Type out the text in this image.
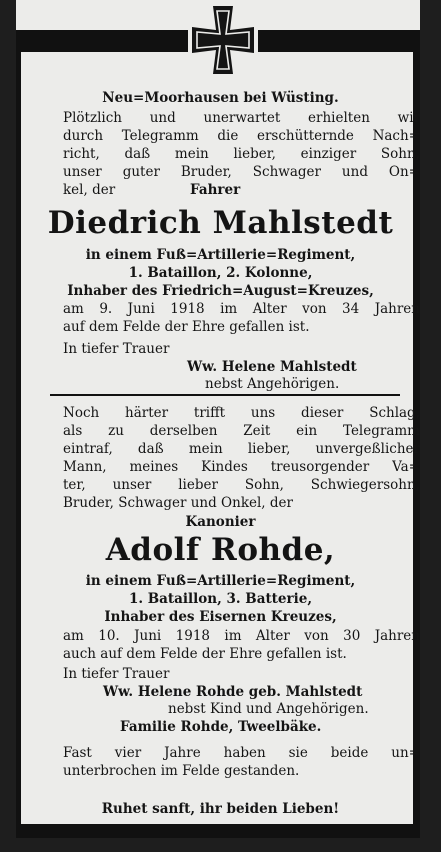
Neu=Moorhausen bei Wüsting.
Plötzlich und unerwartet erhielten wir
durch Telegramm die erschütternde Nach=
richt, daß mein lieber, einziger Sohn,
unser guter Bruder, Schwager und On=
kel, der	Fahrer
Diedrich Mahlstedt
in einem Fuß=Artillerie=Regiment,
1. Bataillon, 2. Kolonne,
Inhaber des Friedrich=August=Kreuzes,
am 9. Juni 1918 im Alter von 34 Jahren
auf dem Felde der Ehre gefallen ist.
In tiefer Trauer
Ww. Helene Mahlstedt
nebst Angehörigen.
Noch härter trifft uns dieser Schlag,
als zu derselben Zeit ein Telegramm
eintraf, daß mein lieber, unvergeßlicher
Mann, meines Kindes treusorgender Va=
ter, unser lieber Sohn, Schwiegersohn,
Bruder, Schwager und Onkel, der
Kanonier
Adolf Rohde,
in einem Fuß=Artillerie=Regiment,
1. Bataillon, 3. Batterie,
Inhaber des Eisernen Kreuzes,
am 10. Juni 1918 im Alter von 30 Jahren
auch auf dem Felde der Ehre gefallen ist.
In tiefer Trauer
Ww. Helene Rohde geb. Mahlstedt
nebst Kind und Angehörigen.
Familie Rohde, Tweelbäke.
Fast vier Jahre haben sie beide un=
unterbrochen im Felde gestanden.
Ruhet sanft, ihr beiden Lieben!
